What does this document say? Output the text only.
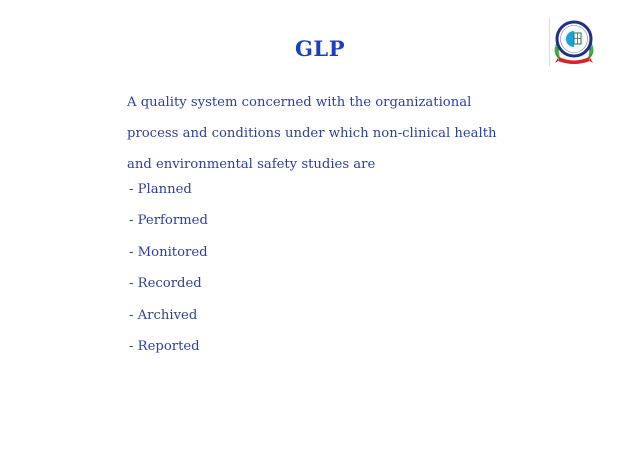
GLP
A quality system concerned with the organizational
process and conditions under which non-clinical health
and environmental safety studies are
- Planned
- Performed
- Monitored
- Recorded
- Archived
- Reported
